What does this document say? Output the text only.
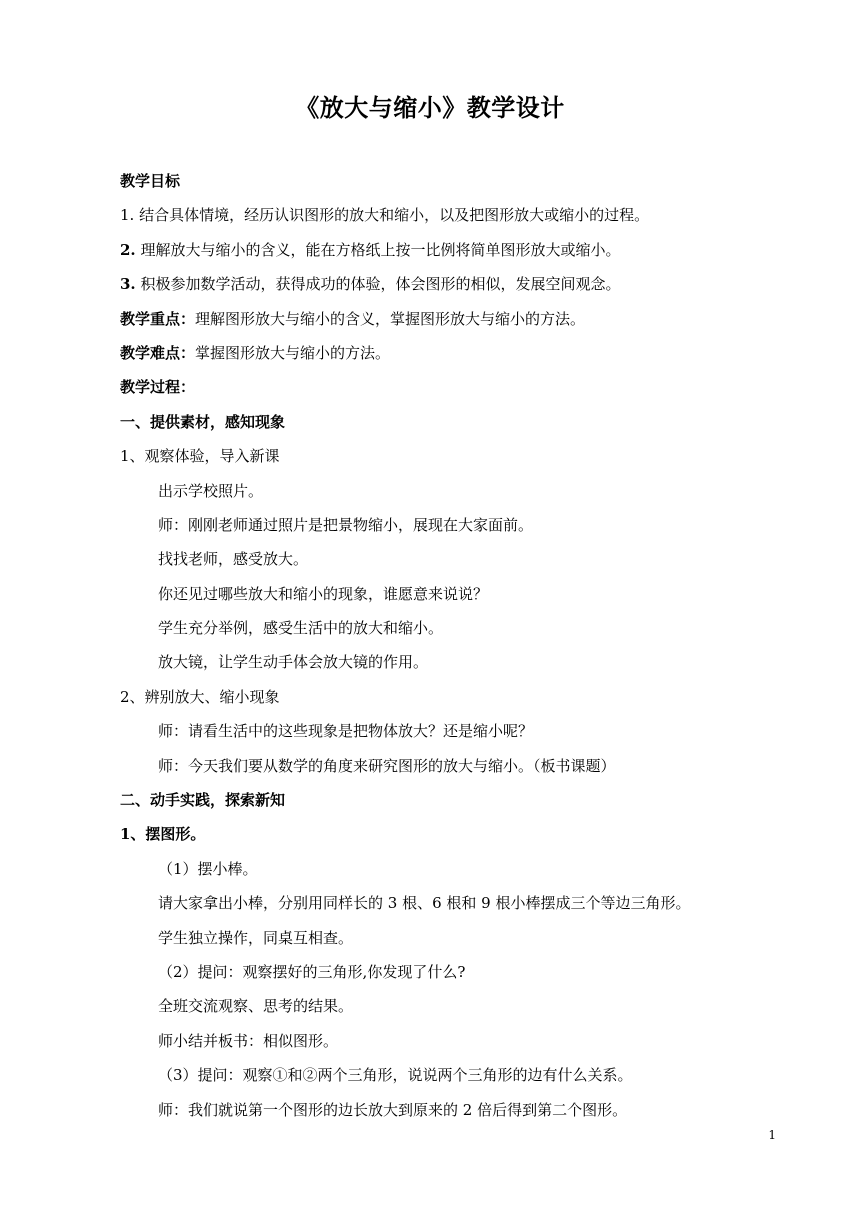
《放大与缩小》教学设计
教学目标
1. 结合具体情境，经历认识图形的放大和缩小，以及把图形放大或缩小的过程。
2. 理解放大与缩小的含义，能在方格纸上按一比例将简单图形放大或缩小。
3. 积极参加数学活动，获得成功的体验，体会图形的相似，发展空间观念。
教学重点：理解图形放大与缩小的含义，掌握图形放大与缩小的方法。
教学难点：掌握图形放大与缩小的方法。
教学过程：
一、提供素材，感知现象
1、观察体验，导入新课
出示学校照片。
师：刚刚老师通过照片是把景物缩小，展现在大家面前。
找找老师，感受放大。
你还见过哪些放大和缩小的现象，谁愿意来说说？
学生充分举例，感受生活中的放大和缩小。
放大镜，让学生动手体会放大镜的作用。
2、辨别放大、缩小现象
师：请看生活中的这些现象是把物体放大？还是缩小呢？
师：今天我们要从数学的角度来研究图形的放大与缩小。（板书课题）
二、动手实践，探索新知
1、摆图形。
（1）摆小棒。
请大家拿出小棒，分别用同样长的 3 根、6 根和 9 根小棒摆成三个等边三角形。
学生独立操作，同桌互相查。
（2）提问：观察摆好的三角形,你发现了什么?
全班交流观察、思考的结果。
师小结并板书：相似图形。
（3）提问：观察①和②两个三角形，说说两个三角形的边有什么关系。
师：我们就说第一个图形的边长放大到原来的 2 倍后得到第二个图形。
1
